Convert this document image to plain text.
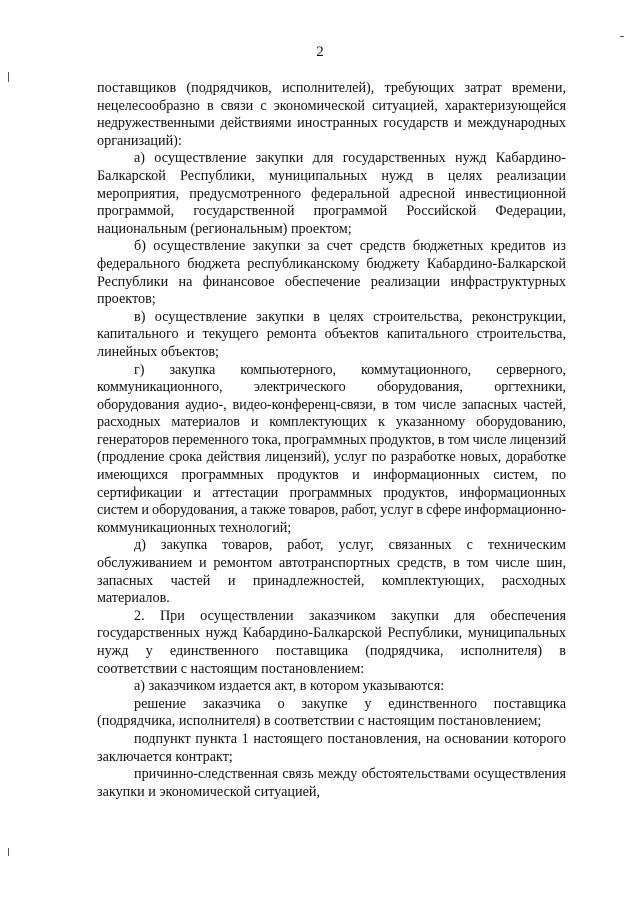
2

поставщиков (подрядчиков, исполнителей), требующих затрат времени, нецелесообразно в связи с экономической ситуацией, характеризующейся недружественными действиями иностранных государств и международных организаций):

а) осуществление закупки для государственных нужд Кабардино-Балкарской Республики, муниципальных нужд в целях реализации мероприятия, предусмотренного федеральной адресной инвестиционной программой, государственной программой Российской Федерации, национальным (региональным) проектом;

б) осуществление закупки за счет средств бюджетных кредитов из федерального бюджета республиканскому бюджету Кабардино-Балкарской Республики на финансовое обеспечение реализации инфраструктурных проектов;

в) осуществление закупки в целях строительства, реконструкции, капитального и текущего ремонта объектов капитального строительства, линейных объектов;

г) закупка компьютерного, коммутационного, серверного, коммуникационного, электрического оборудования, оргтехники, оборудования аудио-, видео-конференц-связи, в том числе запасных частей, расходных материалов и комплектующих к указанному оборудованию, генераторов переменного тока, программных продуктов, в том числе лицензий (продление срока действия лицензий), услуг по разработке новых, доработке имеющихся программных продуктов и информационных систем, по сертификации и аттестации программных продуктов, информационных систем и оборудования, а также товаров, работ, услуг в сфере информационно-коммуникационных технологий;

д) закупка товаров, работ, услуг, связанных с техническим обслуживанием и ремонтом автотранспортных средств, в том числе шин, запасных частей и принадлежностей, комплектующих, расходных материалов.

2. При осуществлении заказчиком закупки для обеспечения государственных нужд Кабардино-Балкарской Республики, муниципальных нужд у единственного поставщика (подрядчика, исполнителя) в соответствии с настоящим постановлением:

а) заказчиком издается акт, в котором указываются:

решение заказчика о закупке у единственного поставщика (подрядчика, исполнителя) в соответствии с настоящим постановлением;

подпункт пункта 1 настоящего постановления, на основании которого заключается контракт;

причинно-следственная связь между обстоятельствами осуществления закупки и экономической ситуацией,
